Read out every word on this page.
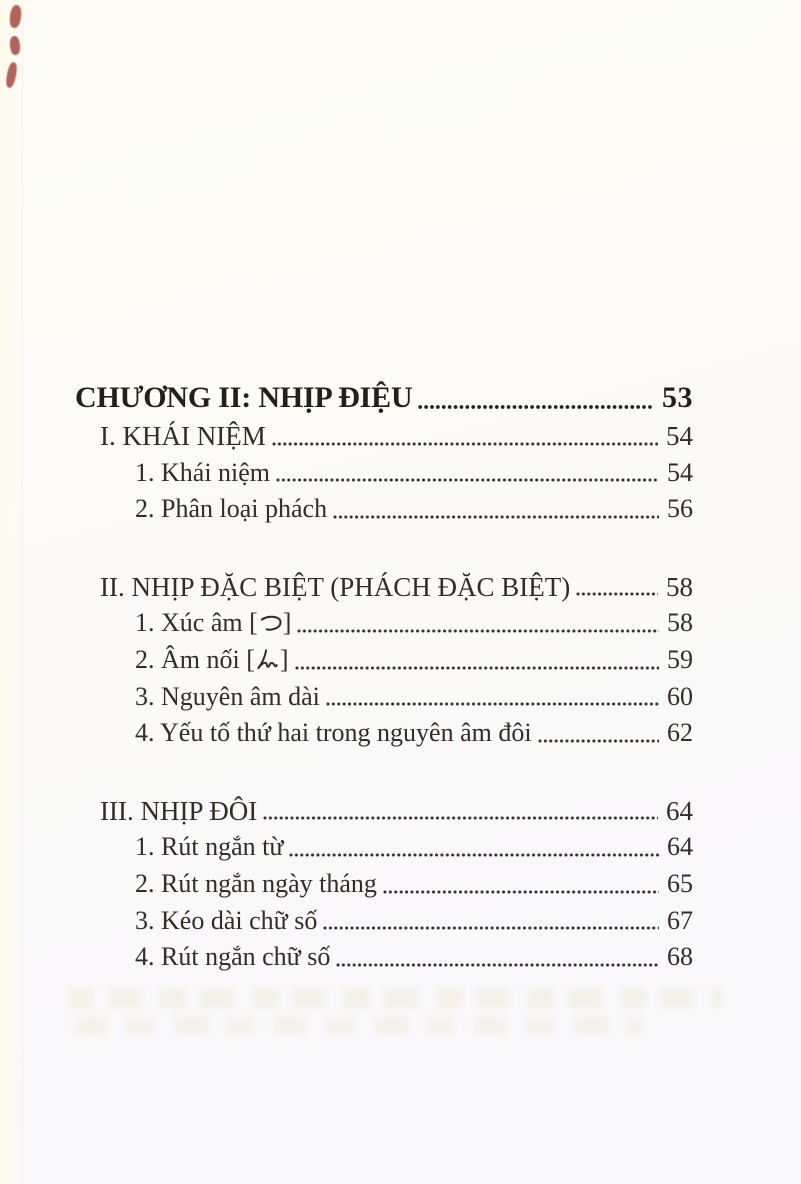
CHƯƠNG II: NHỊP ĐIỆU	53
I. KHÁI NIỆM	54
1. Khái niệm	54
2. Phân loại phách	56
II. NHỊP ĐẶC BIỆT (PHÁCH ĐẶC BIỆT)	58
1. Xúc âm [ ]	58
2. Âm nối [ ]	59
3. Nguyên âm dài	60
4. Yếu tố thứ hai trong nguyên âm đôi	62
III. NHỊP ĐÔI	64
1. Rút ngắn từ	64
2. Rút ngắn ngày tháng	65
3. Kéo dài chữ số	67
4. Rút ngắn chữ số	68
